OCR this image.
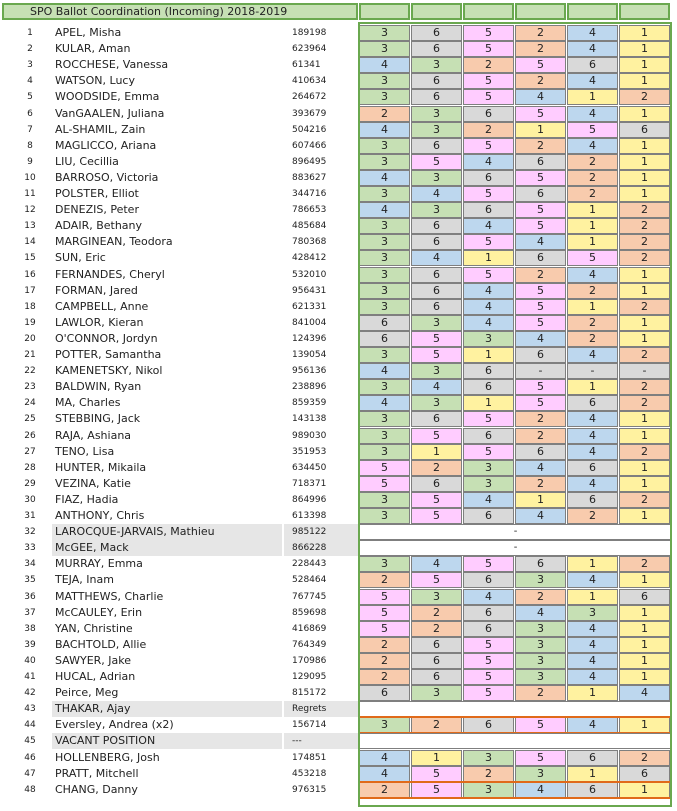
SPO Ballot Coordination (Incoming) 2018-2019
1	APEL, Misha	189198	3	6	5	2	4	1
2	KULAR, Aman	623964	3	6	5	2	4	1
3	ROCCHESE, Vanessa	61341	4	3	2	5	6	1
4	WATSON, Lucy	410634	3	6	5	2	4	1
5	WOODSIDE, Emma	264672	3	6	5	4	1	2
6	VanGAALEN, Juliana	393679	2	3	6	5	4	1
7	AL-SHAMIL, Zain	504216	4	3	2	1	5	6
8	MAGLICCO, Ariana	607466	3	6	5	2	4	1
9	LIU, Cecillia	896495	3	5	4	6	2	1
10	BARROSO, Victoria	883627	4	3	6	5	2	1
11	POLSTER, Elliot	344716	3	4	5	6	2	1
12	DENEZIS, Peter	786653	4	3	6	5	1	2
13	ADAIR, Bethany	485684	3	6	4	5	1	2
14	MARGINEAN, Teodora	780368	3	6	5	4	1	2
15	SUN, Eric	428412	3	4	1	6	5	2
16	FERNANDES, Cheryl	532010	3	6	5	2	4	1
17	FORMAN, Jared	956431	3	6	4	5	2	1
18	CAMPBELL, Anne	621331	3	6	4	5	1	2
19	LAWLOR, Kieran	841004	6	3	4	5	2	1
20	O'CONNOR, Jordyn	124396	6	5	3	4	2	1
21	POTTER, Samantha	139054	3	5	1	6	4	2
22	KAMENETSKY, Nikol	956136	4	3	6	-	-	-
23	BALDWIN, Ryan	238896	3	4	6	5	1	2
24	MA, Charles	859359	4	3	1	5	6	2
25	STEBBING, Jack	143138	3	6	5	2	4	1
26	RAJA, Ashiana	989030	3	5	6	2	4	1
27	TENO, Lisa	351953	3	1	5	6	4	2
28	HUNTER, Mikaila	634450	5	2	3	4	6	1
29	VEZINA, Katie	718371	5	6	3	2	4	1
30	FIAZ, Hadia	864996	3	5	4	1	6	2
31	ANTHONY, Chris	613398	3	5	6	4	2	1
32	LAROCQUE-JARVAIS, Mathieu	985122	-
33	McGEE, Mack	866228	-
34	MURRAY, Emma	228443	3	4	5	6	1	2
35	TEJA, Inam	528464	2	5	6	3	4	1
36	MATTHEWS, Charlie	767745	5	3	4	2	1	6
37	McCAULEY, Erin	859698	5	2	6	4	3	1
38	YAN, Christine	416869	5	2	6	3	4	1
39	BACHTOLD, Allie	764349	2	6	5	3	4	1
40	SAWYER, Jake	170986	2	6	5	3	4	1
41	HUCAL, Adrian	129095	2	6	5	3	4	1
42	Peirce, Meg	815172	6	3	5	2	1	4
43	THAKAR, Ajay	Regrets
44	Eversley, Andrea (x2)	156714	3	2	6	5	4	1
45	VACANT POSITION	---
46	HOLLENBERG, Josh	174851	4	1	3	5	6	2
47	PRATT, Mitchell	453218	4	5	2	3	1	6
48	CHANG, Danny	976315	2	5	3	4	6	1
